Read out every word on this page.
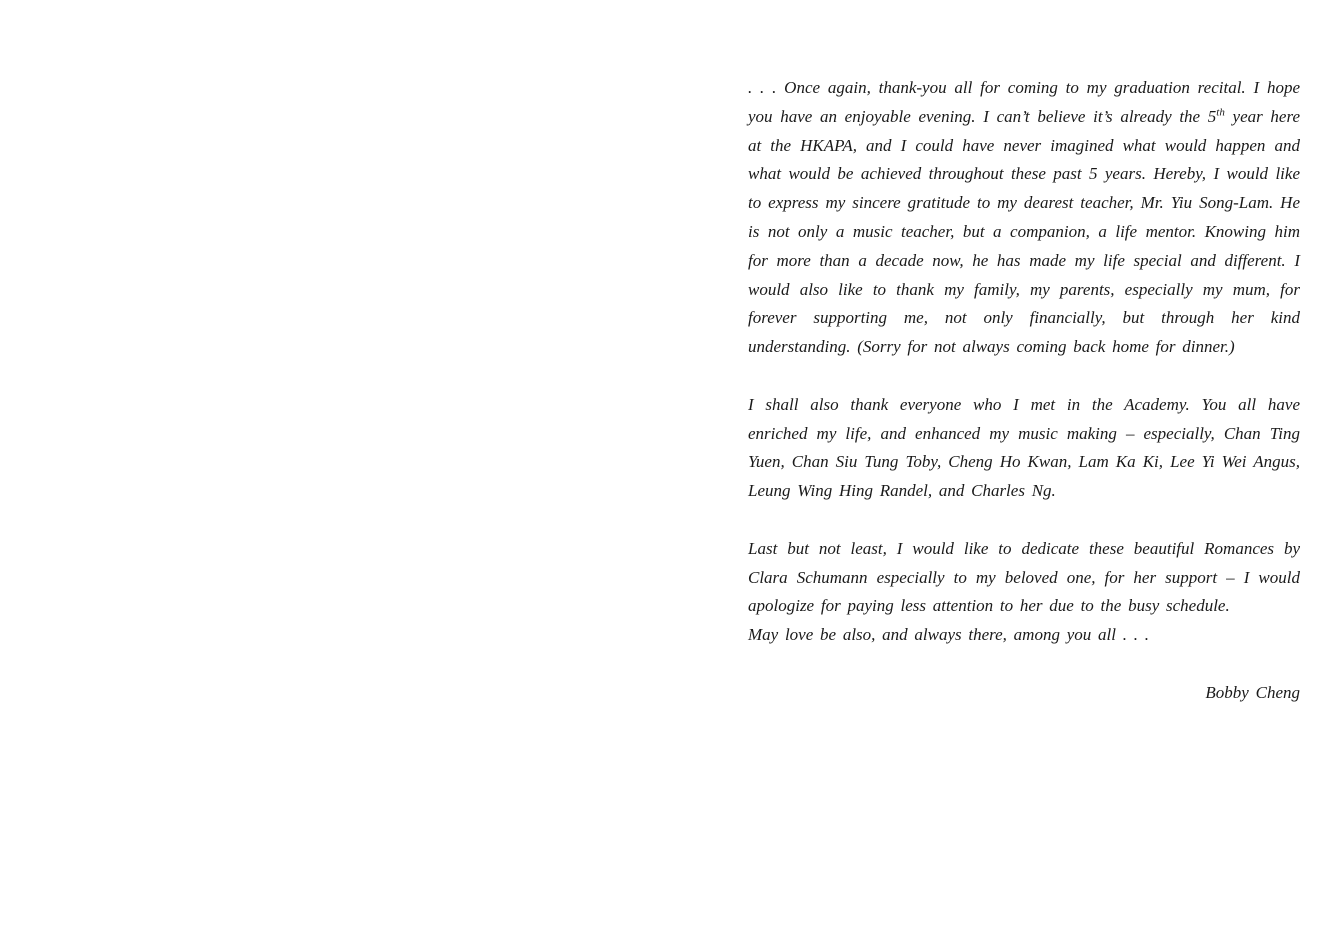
. . . Once again, thank-you all for coming to my graduation recital. I hope you have an enjoyable evening. I can’t believe it’s already the 5th year here at the HKAPA, and I could have never imagined what would happen and what would be achieved throughout these past 5 years. Hereby, I would like to express my sincere gratitude to my dearest teacher, Mr. Yiu Song-Lam. He is not only a music teacher, but a companion, a life mentor. Knowing him for more than a decade now, he has made my life special and different. I would also like to thank my family, my parents, especially my mum, for forever supporting me, not only financially, but through her kind understanding. (Sorry for not always coming back home for dinner.)

I shall also thank everyone who I met in the Academy. You all have enriched my life, and enhanced my music making – especially, Chan Ting Yuen, Chan Siu Tung Toby, Cheng Ho Kwan, Lam Ka Ki, Lee Yi Wei Angus, Leung Wing Hing Randel, and Charles Ng.

Last but not least, I would like to dedicate these beautiful Romances by Clara Schumann especially to my beloved one, for her support – I would apologize for paying less attention to her due to the busy schedule.
May love be also, and always there, among you all . . .

Bobby Cheng
